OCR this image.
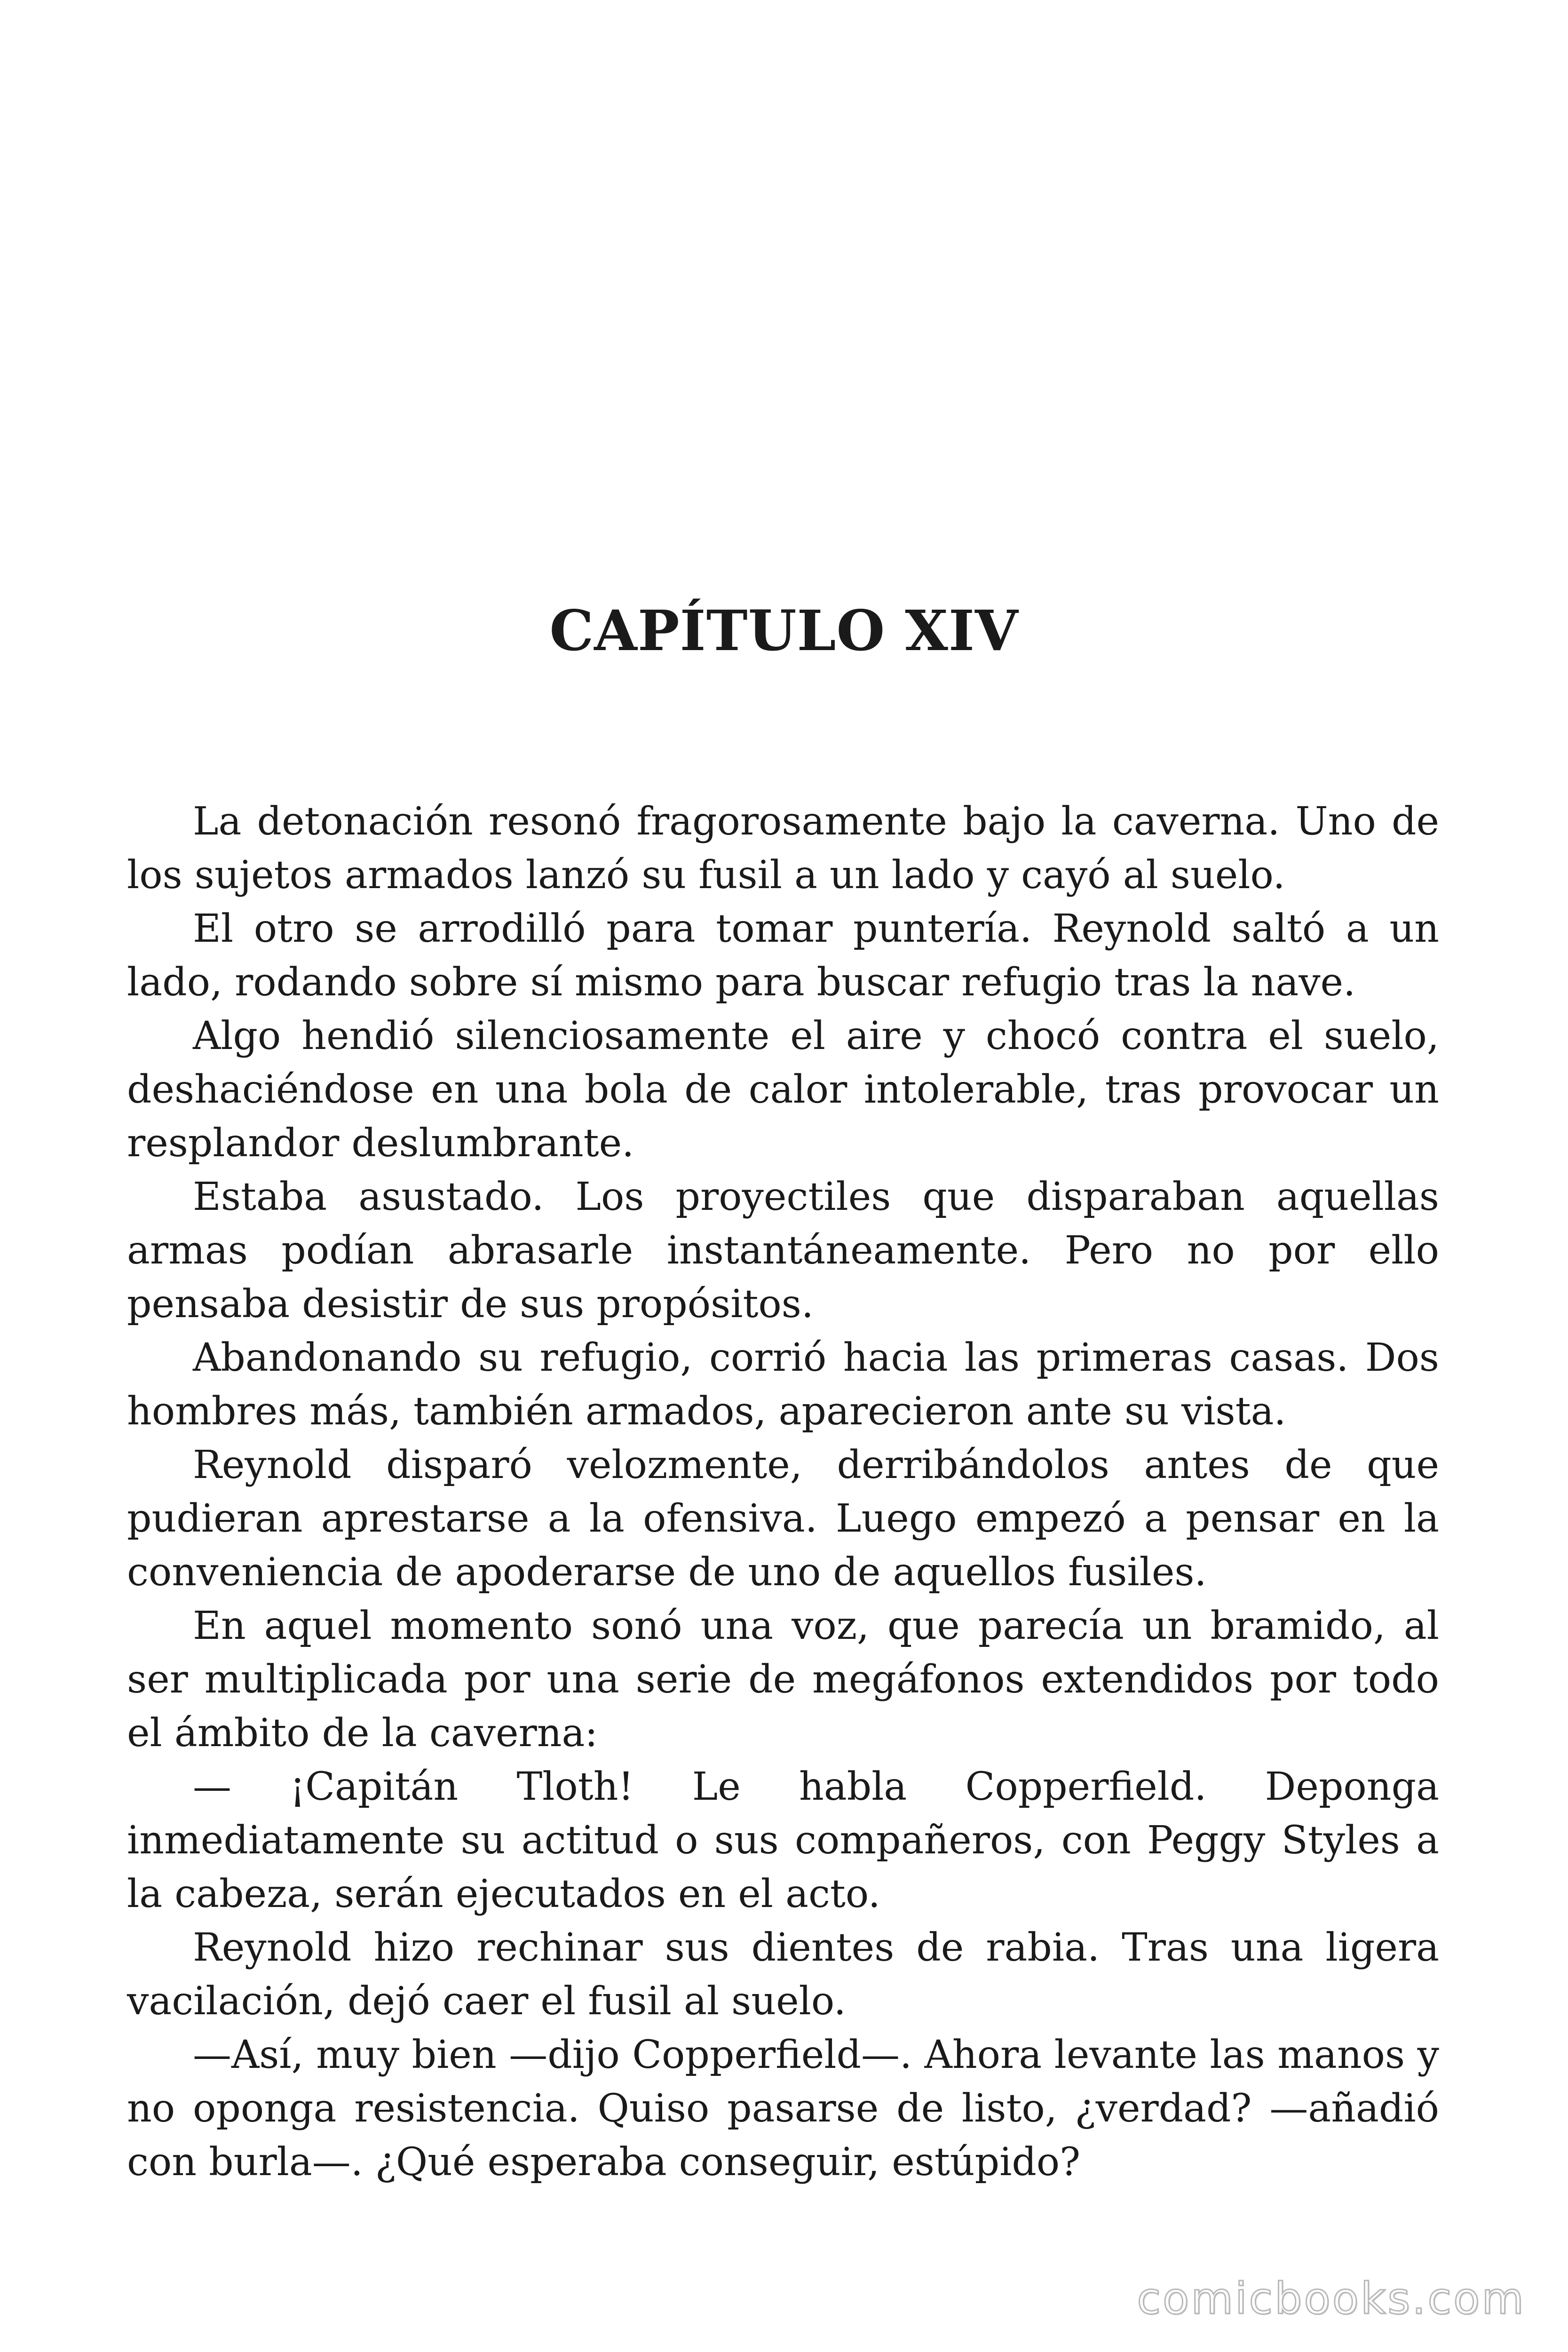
CAPÍTULO XIV

La detonación resonó fragorosamente bajo la caverna. Uno de los sujetos armados lanzó su fusil a un lado y cayó al suelo.

El otro se arrodilló para tomar puntería. Reynold saltó a un lado, rodando sobre sí mismo para buscar refugio tras la nave.

Algo hendió silenciosamente el aire y chocó contra el suelo, deshaciéndose en una bola de calor intolerable, tras provocar un resplandor deslumbrante.

Estaba asustado. Los proyectiles que disparaban aquellas armas podían abrasarle instantáneamente. Pero no por ello pensaba desistir de sus propósitos.

Abandonando su refugio, corrió hacia las primeras casas. Dos hombres más, también armados, aparecieron ante su vista.

Reynold disparó velozmente, derribándolos antes de que pudieran aprestarse a la ofensiva. Luego empezó a pensar en la conveniencia de apoderarse de uno de aquellos fusiles.

En aquel momento sonó una voz, que parecía un bramido, al ser multiplicada por una serie de megáfonos extendidos por todo el ámbito de la caverna:

— ¡Capitán Tloth! Le habla Copperfield. Deponga inmediatamente su actitud o sus compañeros, con Peggy Styles a la cabeza, serán ejecutados en el acto.

Reynold hizo rechinar sus dientes de rabia. Tras una ligera vacilación, dejó caer el fusil al suelo.

—Así, muy bien —dijo Copperfield—. Ahora levante las manos y no oponga resistencia. Quiso pasarse de listo, ¿verdad? —añadió con burla—. ¿Qué esperaba conseguir, estúpido?

comicbooks.com
